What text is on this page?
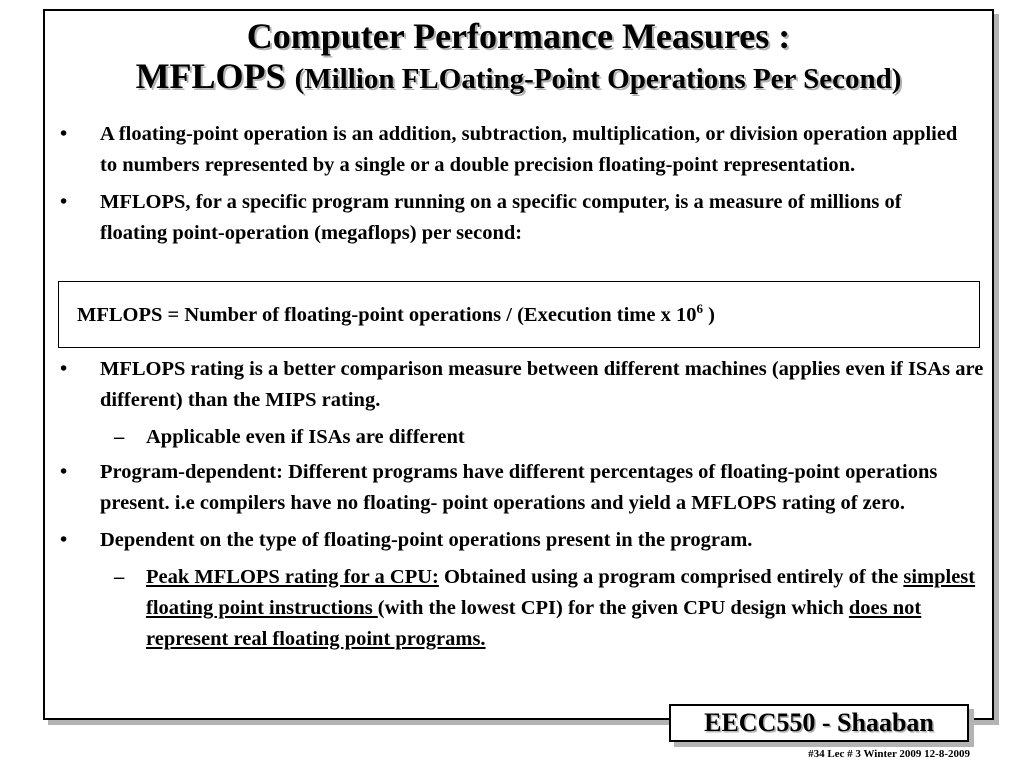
Computer Performance Measures :
MFLOPS (Million FLOating-Point Operations Per Second)
• A floating-point operation is an addition, subtraction, multiplication, or division operation applied to numbers represented by a single or a double precision floating-point representation.
• MFLOPS, for a specific program running on a specific computer, is a measure of millions of floating point-operation (megaflops) per second:
MFLOPS = Number of floating-point operations / (Execution time x $10^6$ )
• MFLOPS rating is a better comparison measure between different machines (applies even if ISAs are different) than the MIPS rating.
– Applicable even if ISAs are different
• Program-dependent: Different programs have different percentages of floating-point operations present. i.e compilers have no floating- point operations and yield a MFLOPS rating of zero.
• Dependent on the type of floating-point operations present in the program.
– Peak MFLOPS rating for a CPU: Obtained using a program comprised entirely of the simplest floating point instructions (with the lowest CPI) for the given CPU design which does not represent real floating point programs.
EECC550 - Shaaban
#34 Lec # 3 Winter 2009 12-8-2009
